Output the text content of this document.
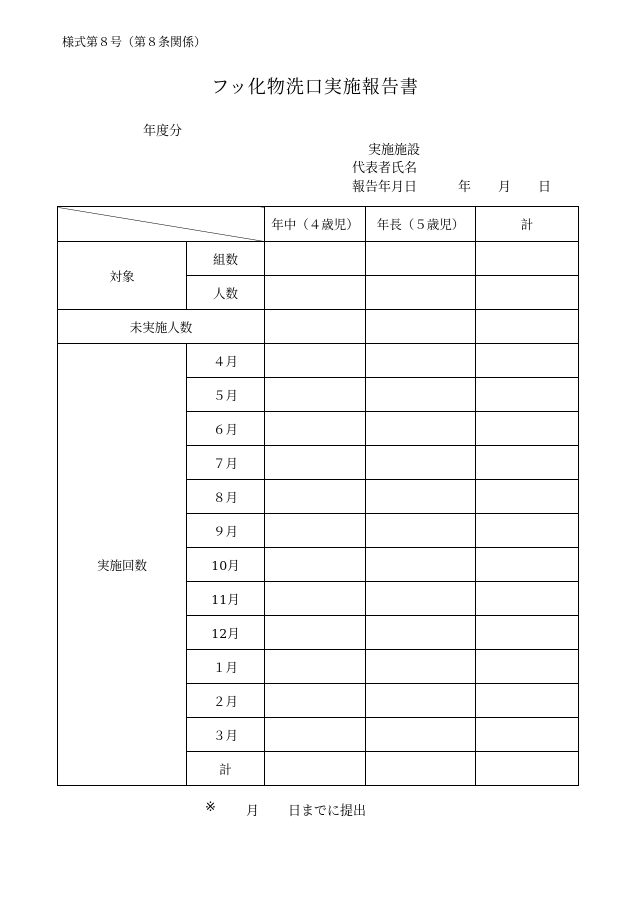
様式第８号（第８条関係）
フッ化物洗口実施報告書
年度分
実施施設
代表者氏名
報告年月日	年 月 日
		年中（４歳児）	年長（５歳児）	計
対象	組数			
	人数			
未実施人数				
実施回数	４月			
	５月			
	６月			
	７月			
	８月			
	９月			
	10月			
	11月			
	12月			
	１月			
	２月			
	３月			
	計			
※ 月 日までに提出
